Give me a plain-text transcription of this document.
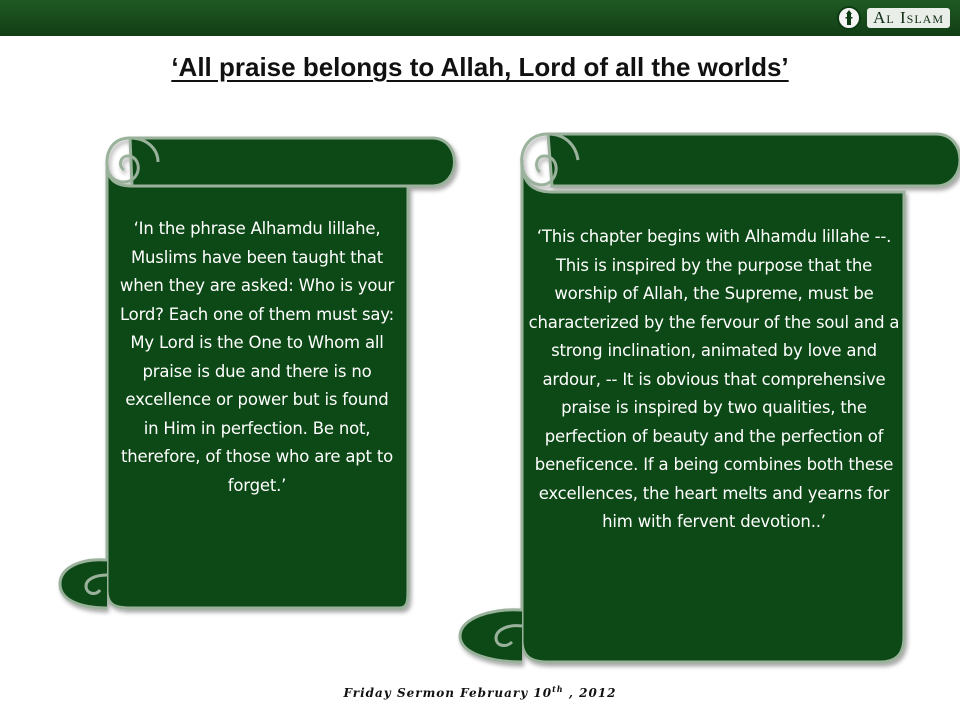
Al Islam
‘All praise belongs to Allah, Lord of all the worlds’
‘In the phrase Alhamdu lillahe, Muslims have been taught that when they are asked: Who is your Lord? Each one of them must say: My Lord is the One to Whom all praise is due and there is no excellence or power but is found in Him in perfection. Be not, therefore, of those who are apt to forget.’
‘This chapter begins with Alhamdu lillahe --. This is inspired by the purpose that the worship of Allah, the Supreme, must be characterized by the fervour of the soul and a strong inclination, animated by love and ardour, -- It is obvious that comprehensive praise is inspired by two qualities, the perfection of beauty and the perfection of beneficence. If a being combines both these excellences, the heart melts and yearns for him with fervent devotion..’
Friday Sermon February 10th , 2012
